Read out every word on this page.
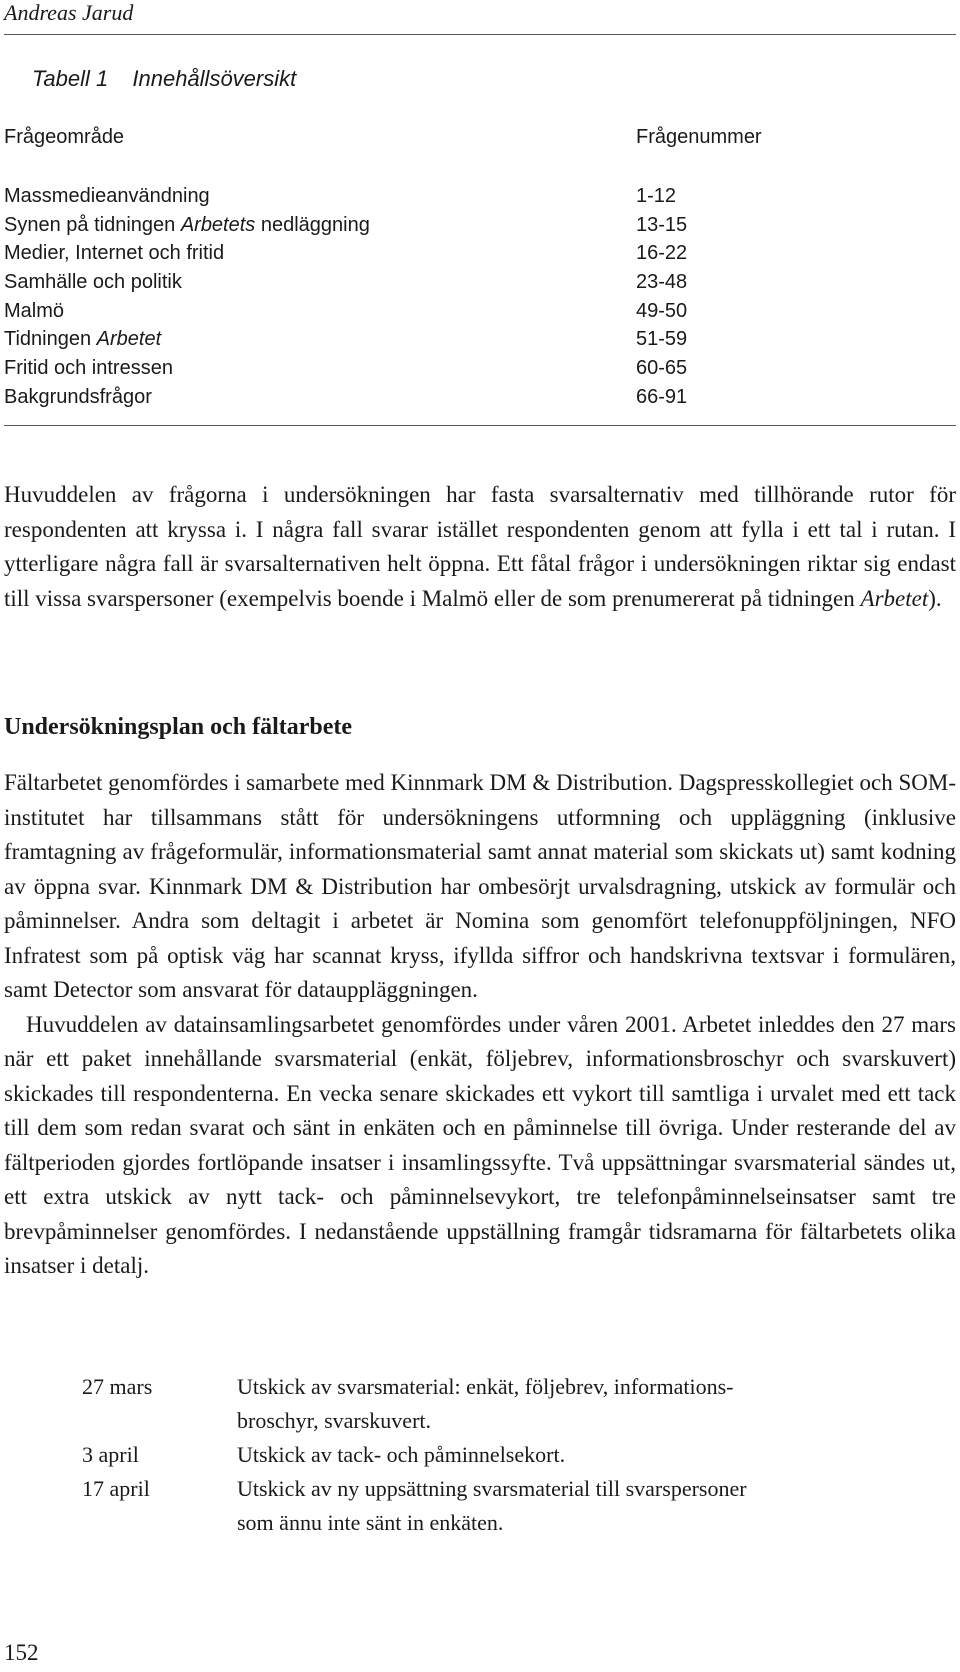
Andreas Jarud
Tabell 1 Innehållsöversikt
Frågeområde	Frågenummer
Massmedieanvändning	1-12
Synen på tidningen Arbetets nedläggning	13-15
Medier, Internet och fritid	16-22
Samhälle och politik	23-48
Malmö	49-50
Tidningen Arbetet	51-59
Fritid och intressen	60-65
Bakgrundsfrågor	66-91

Huvuddelen av frågorna i undersökningen har fasta svarsalternativ med tillhörande rutor för respondenten att kryssa i. I några fall svarar istället respondenten genom att fylla i ett tal i rutan. I ytterligare några fall är svarsalternativen helt öppna. Ett fåtal frågor i undersökningen riktar sig endast till vissa svarspersoner (exempelvis boende i Malmö eller de som prenumererat på tidningen Arbetet).

Undersökningsplan och fältarbete

Fältarbetet genomfördes i samarbete med Kinnmark DM & Distribution. Dagspresskollegiet och SOM-institutet har tillsammans stått för undersökningens utformning och uppläggning (inklusive framtagning av frågeformulär, informationsmaterial samt annat material som skickats ut) samt kodning av öppna svar. Kinnmark DM & Distribution har ombesörjt urvalsdragning, utskick av formulär och påminnelser. Andra som deltagit i arbetet är Nomina som genomfört telefonuppföljningen, NFO Infratest som på optisk väg har scannat kryss, ifyllda siffror och handskrivna textsvar i formulären, samt Detector som ansvarat för datauppläggningen.

Huvuddelen av datainsamlingsarbetet genomfördes under våren 2001. Arbetet inleddes den 27 mars när ett paket innehållande svarsmaterial (enkät, följebrev, informationsbroschyr och svarskuvert) skickades till respondenterna. En vecka senare skickades ett vykort till samtliga i urvalet med ett tack till dem som redan svarat och sänt in enkäten och en påminnelse till övriga. Under resterande del av fältperioden gjordes fortlöpande insatser i insamlingssyfte. Två uppsättningar svarsmaterial sändes ut, ett extra utskick av nytt tack- och påminnelsevykort, tre telefonpåminnelseinsatser samt tre brevpåminnelser genomfördes. I nedanstående uppställning framgår tidsramarna för fältarbetets olika insatser i detalj.

27 mars	Utskick av svarsmaterial: enkät, följebrev, informations-
broschyr, svarskuvert.
3 april	Utskick av tack- och påminnelsekort.
17 april	Utskick av ny uppsättning svarsmaterial till svarspersoner
som ännu inte sänt in enkäten.
152
